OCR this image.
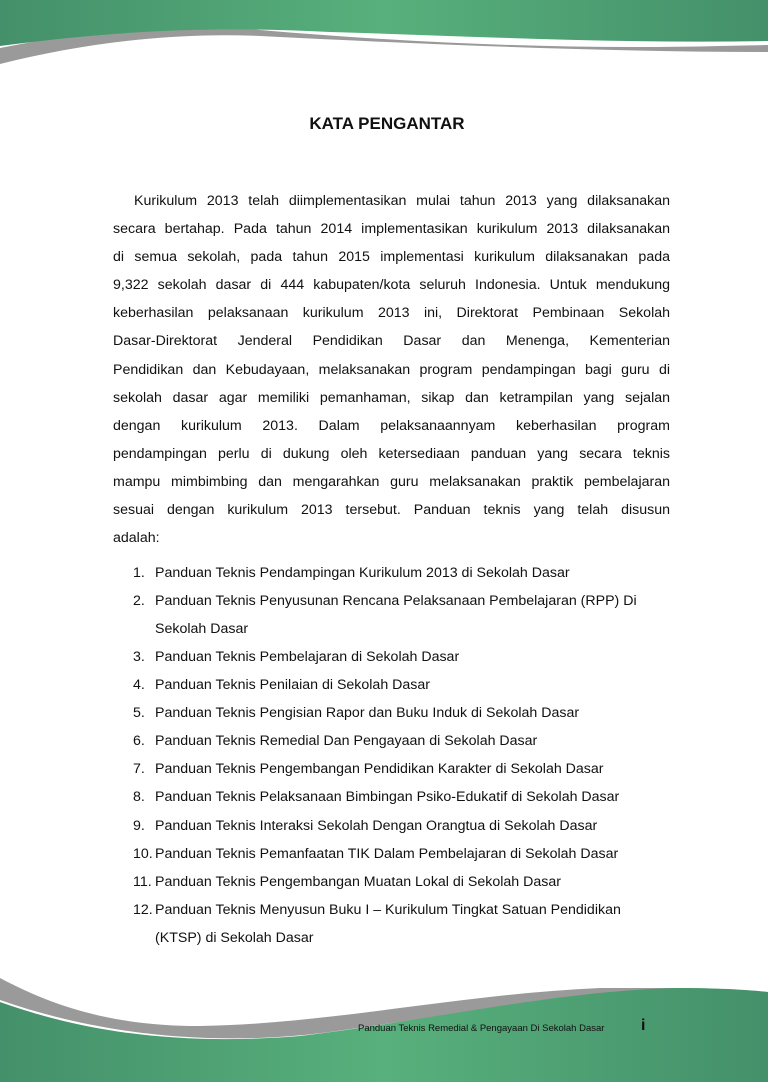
KATA PENGANTAR
Kurikulum 2013 telah diimplementasikan mulai tahun 2013 yang dilaksanakan
secara bertahap. Pada tahun 2014 implementasikan kurikulum 2013 dilaksanakan
di semua sekolah, pada tahun 2015 implementasi kurikulum dilaksanakan pada
9,322 sekolah dasar di 444 kabupaten/kota seluruh Indonesia. Untuk mendukung
keberhasilan pelaksanaan kurikulum 2013 ini, Direktorat Pembinaan Sekolah
Dasar-Direktorat Jenderal Pendidikan Dasar dan Menenga, Kementerian
Pendidikan dan Kebudayaan, melaksanakan program pendampingan bagi guru di
sekolah dasar agar memiliki pemanhaman, sikap dan ketrampilan yang sejalan
dengan kurikulum 2013. Dalam pelaksanaannyam keberhasilan program
pendampingan perlu di dukung oleh ketersediaan panduan yang secara teknis
mampu mimbimbing dan mengarahkan guru melaksanakan praktik pembelajaran
sesuai dengan kurikulum 2013 tersebut. Panduan teknis yang telah disusun
adalah:
1. Panduan Teknis Pendampingan Kurikulum 2013 di Sekolah Dasar
2. Panduan Teknis Penyusunan Rencana Pelaksanaan Pembelajaran (RPP) Di
Sekolah Dasar
3. Panduan Teknis Pembelajaran di Sekolah Dasar
4. Panduan Teknis Penilaian di Sekolah Dasar
5. Panduan Teknis Pengisian Rapor dan Buku Induk di Sekolah Dasar
6. Panduan Teknis Remedial Dan Pengayaan di Sekolah Dasar
7. Panduan Teknis Pengembangan Pendidikan Karakter di Sekolah Dasar
8. Panduan Teknis Pelaksanaan Bimbingan Psiko-Edukatif di Sekolah Dasar
9. Panduan Teknis Interaksi Sekolah Dengan Orangtua di Sekolah Dasar
10. Panduan Teknis Pemanfaatan TIK Dalam Pembelajaran di Sekolah Dasar
11. Panduan Teknis Pengembangan Muatan Lokal di Sekolah Dasar
12. Panduan Teknis Menyusun Buku I – Kurikulum Tingkat Satuan Pendidikan
(KTSP) di Sekolah Dasar
Panduan Teknis Remedial & Pengayaan Di Sekolah Dasar i
